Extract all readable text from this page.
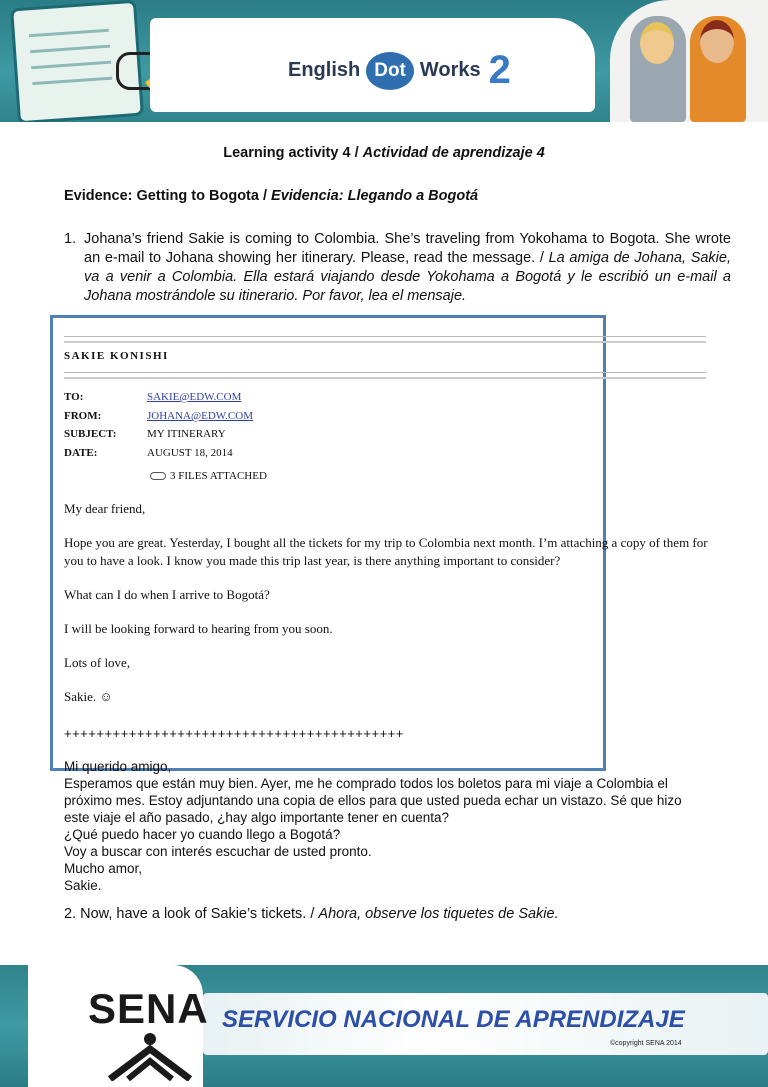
English Dot Works 2
Learning activity 4 / Actividad de aprendizaje 4
Evidence: Getting to Bogota / Evidencia: Llegando a Bogotá
1. Johana’s friend Sakie is coming to Colombia. She’s traveling from Yokohama to Bogota. She wrote an e-mail to Johana showing her itinerary. Please, read the message. / La amiga de Johana, Sakie, va a venir a Colombia. Ella estará viajando desde Yokohama a Bogotá y le escribió un e-mail a Johana mostrándole su itinerario. Por favor, lea el mensaje.
SAKIE KONISHI
TO:	SAKIE@EDW.COM
FROM:	JOHANA@EDW.COM
SUBJECT:	MY ITINERARY
DATE:	AUGUST 18, 2014
3 FILES ATTACHED
My dear friend,
Hope you are great. Yesterday, I bought all the tickets for my trip to Colombia next month. I’m attaching a copy of them for you to have a look. I know you made this trip last year, is there anything important to consider?
What can I do when I arrive to Bogotá?
I will be looking forward to hearing from you soon.
Lots of love,
Sakie. ☺
++++++++++++++++++++++++++++++++++++++++++
Mi querido amigo,
Esperamos que están muy bien. Ayer, me he comprado todos los boletos para mi viaje a Colombia el próximo mes. Estoy adjuntando una copia de ellos para que usted pueda echar un vistazo. Sé que hizo este viaje el año pasado, ¿hay algo importante tener en cuenta?
¿Qué puedo hacer yo cuando llego a Bogotá?
Voy a buscar con interés escuchar de usted pronto.
Mucho amor,
Sakie.
2. Now, have a look of Sakie’s tickets. / Ahora, observe los tiquetes de Sakie.
SENA SERVICIO NACIONAL DE APRENDIZAJE
©copyright SENA 2014
